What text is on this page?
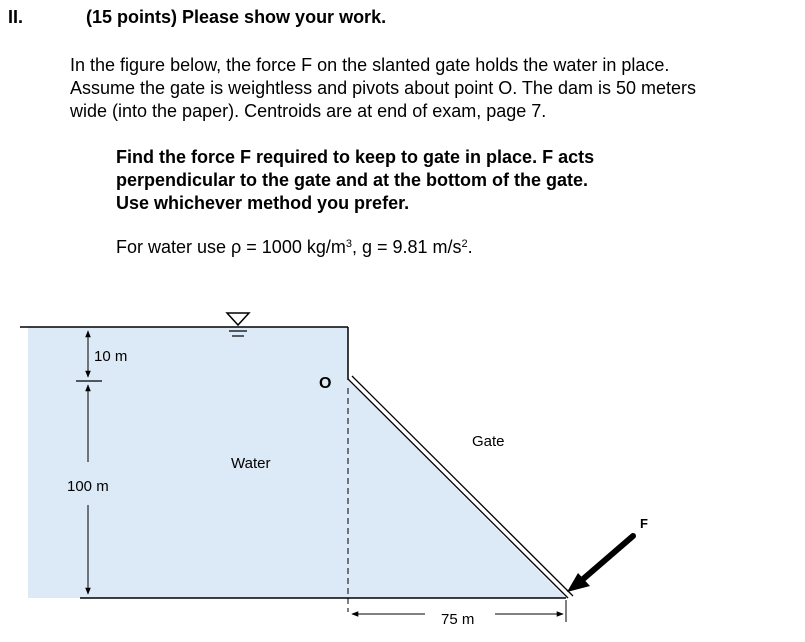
II.	(15 points) Please show your work.
In the figure below, the force F on the slanted gate holds the water in place.
Assume the gate is weightless and pivots about point O. The dam is 50 meters
wide (into the paper). Centroids are at end of exam, page 7.
Find the force F required to keep to gate in place. F acts
perpendicular to the gate and at the bottom of the gate.
Use whichever method you prefer.
For water use ρ = 1000 $kg/m^3$, g = 9.81 $m/s^2$.
10 m
100 m
75 m
Water
Gate
O
F
